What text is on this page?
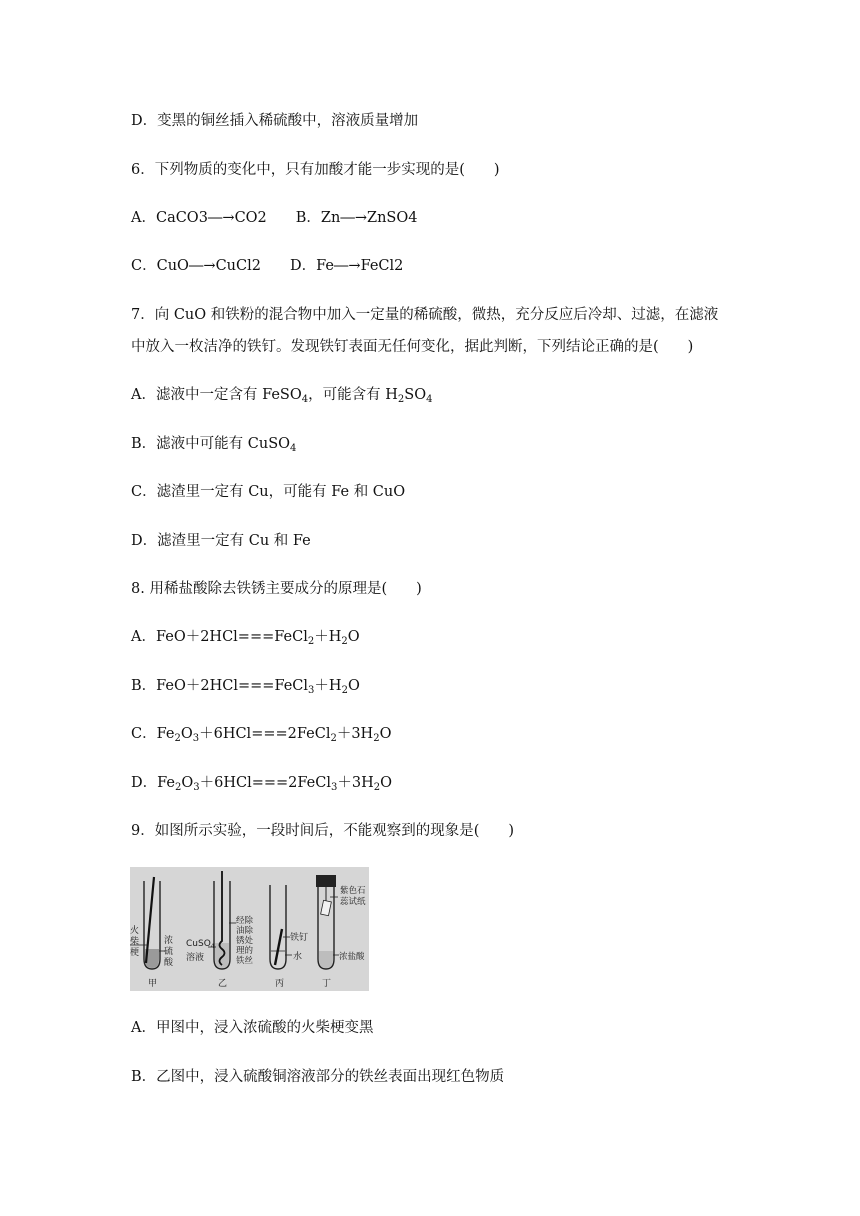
D．变黑的铜丝插入稀硫酸中，溶液质量增加
6．下列物质的变化中，只有加酸才能一步实现的是(　　)
A．CaCO3―→CO2　　B．Zn―→ZnSO4
C．CuO―→CuCl2　　D．Fe―→FeCl2
7．向 CuO 和铁粉的混合物中加入一定量的稀硫酸，微热，充分反应后冷却、过滤，在滤液
中放入一枚洁净的铁钉。发现铁钉表面无任何变化，据此判断，下列结论正确的是(　　)
A．滤液中一定含有 FeSO$_4$，可能含有 $H_2SO_4$
B．滤液中可能有 CuSO$_4$
C．滤渣里一定有 Cu，可能有 Fe 和 CuO
D．滤渣里一定有 Cu 和 Fe
8. 用稀盐酸除去铁锈主要成分的原理是(　　)
A．$FeO+2HCl===FeCl_2+H_2O$
B．$FeO+2HCl===FeCl_3+H_2O$
C．$Fe_2O_3+6HCl===2FeCl_2+3H_2O$
D．$Fe_2O_3+6HCl===2FeCl_3+3H_2O$
9．如图所示实验，一段时间后，不能观察到的现象是(　　)
火柴梗
浓硫酸
甲
CuSO$_4$
溶液
经除油除锈处理的铁丝
乙
铁钉
水
丙
紫色石蕊试纸
浓盐酸
丁
A．甲图中，浸入浓硫酸的火柴梗变黑
B．乙图中，浸入硫酸铜溶液部分的铁丝表面出现红色物质
